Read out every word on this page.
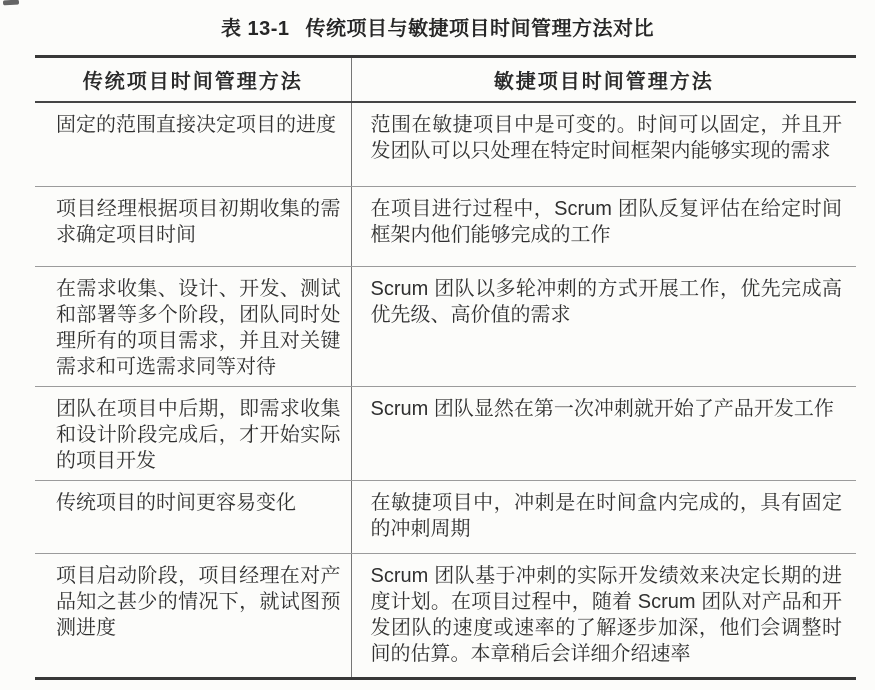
表 13-1 传统项目与敏捷项目时间管理方法对比
传统项目时间管理方法	敏捷项目时间管理方法
固定的范围直接决定项目的进度	范围在敏捷项目中是可变的。时间可以固定，并且开发团队可以只处理在特定时间框架内能够实现的需求
项目经理根据项目初期收集的需求确定项目时间	在项目进行过程中，Scrum 团队反复评估在给定时间框架内他们能够完成的工作
在需求收集、设计、开发、测试和部署等多个阶段，团队同时处理所有的项目需求，并且对关键需求和可选需求同等对待	Scrum 团队以多轮冲刺的方式开展工作，优先完成高优先级、高价值的需求
团队在项目中后期，即需求收集和设计阶段完成后，才开始实际的项目开发	Scrum 团队显然在第一次冲刺就开始了产品开发工作
传统项目的时间更容易变化	在敏捷项目中，冲刺是在时间盒内完成的，具有固定的冲刺周期
项目启动阶段，项目经理在对产品知之甚少的情况下，就试图预测进度	Scrum 团队基于冲刺的实际开发绩效来决定长期的进度计划。在项目过程中，随着 Scrum 团队对产品和开发团队的速度或速率的了解逐步加深，他们会调整时间的估算。本章稍后会详细介绍速率
